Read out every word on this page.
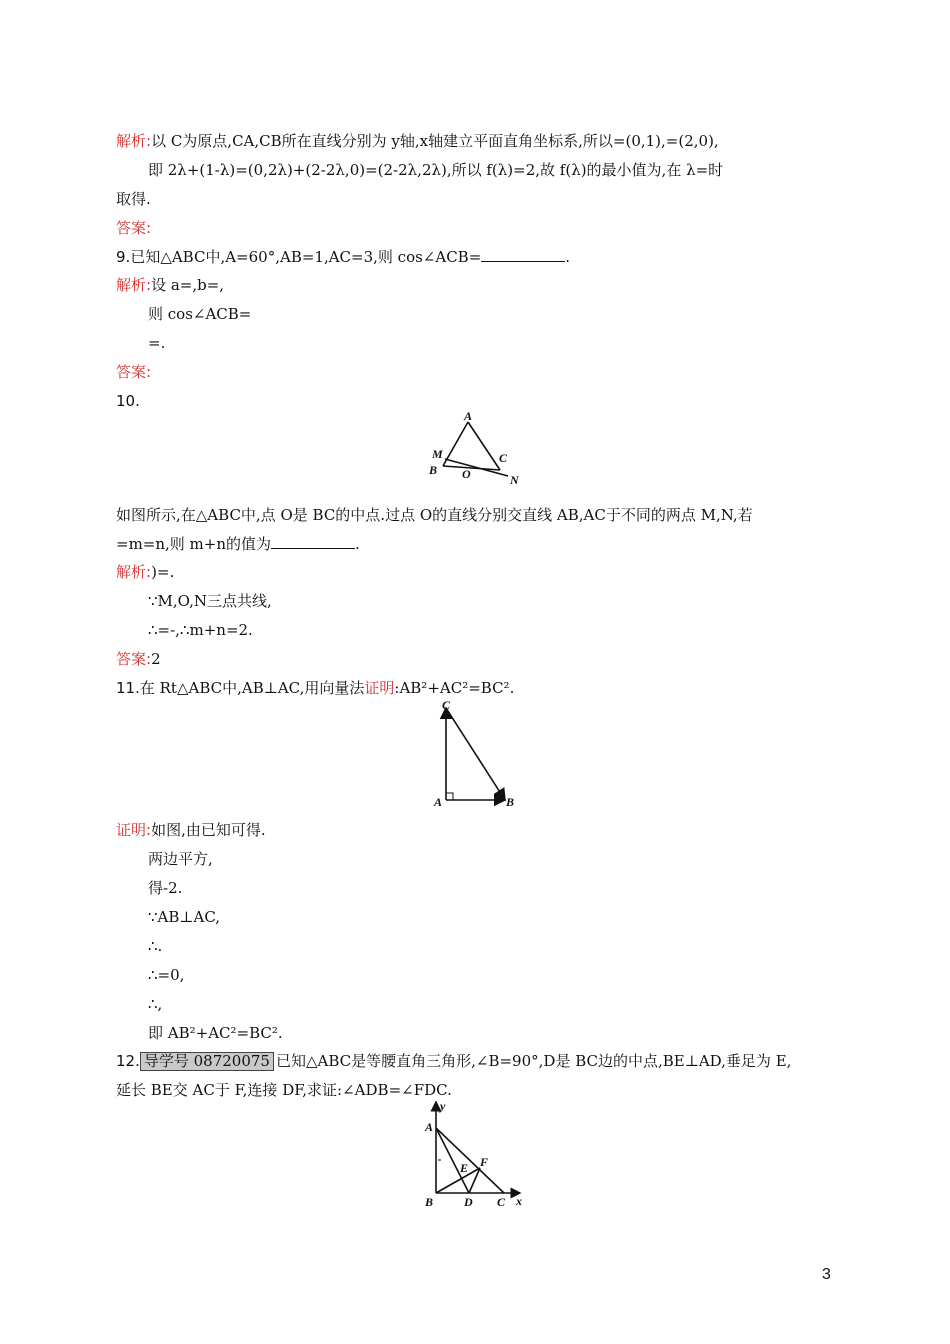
解析:以 C为原点,CA,CB所在直线分别为 y轴,x轴建立平面直角坐标系,所以=(0,1),=(2,0),
即 2λ+(1-λ)=(0,2λ)+(2-2λ,0)=(2-2λ,2λ),所以 f(λ)=2,故 f(λ)的最小值为,在 λ=时
取得.
答案:
9.已知△ABC中,A=60°,AB=1,AC=3,则 cos∠ACB=	.
解析:设 a=,b=,
则 cos∠ACB=
=.
答案:
10.
A
M	C
B O	N
如图所示,在△ABC中,点 O是 BC的中点.过点 O的直线分别交直线 AB,AC于不同的两点 M,N,若
=m=n,则 m+n的值为	.
解析:)=.
∵M,O,N三点共线,
∴=-,∴m+n=2.
答案:2
11.在 Rt△ABC中,AB⊥AC,用向量法证明:AB²+AC²=BC².
C
A	B
证明:如图,由已知可得.
两边平方,
得-2.
∵AB⊥AC,
∴.
∴=0,
∴,
即 AB²+AC²=BC².
12. 导学号 08720075 已知△ABC是等腰直角三角形,∠B=90°,D是 BC边的中点,BE⊥AD,垂足为 E,
延长 BE交 AC于 F,连接 DF,求证:∠ADB=∠FDC.
y
A
E F
B	D C x
3
